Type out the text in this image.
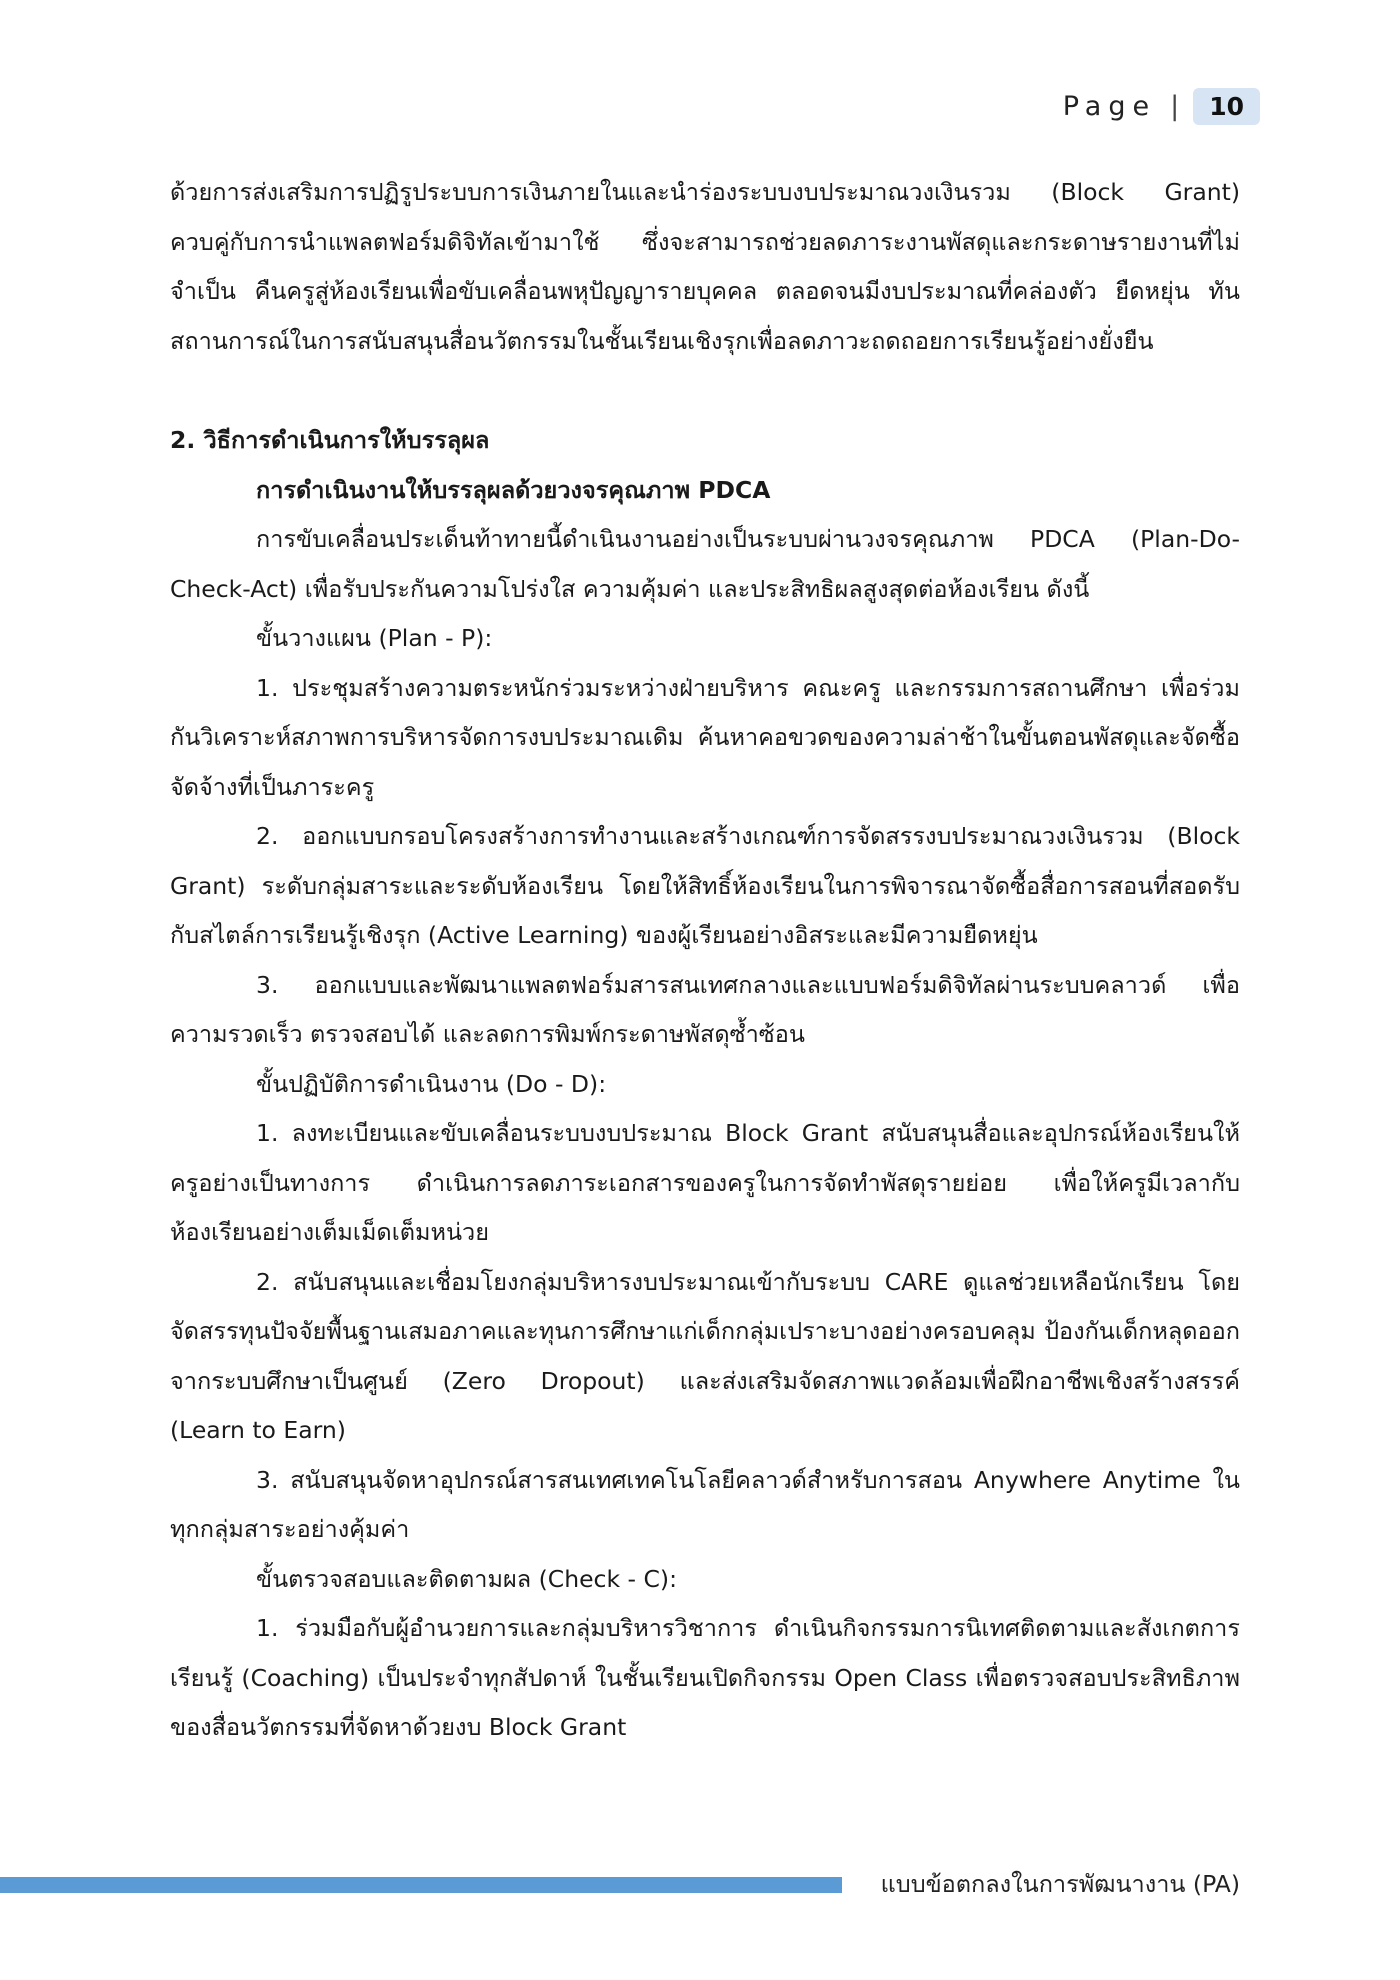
Page |	10

ด้วยการส่งเสริมการปฏิรูประบบการเงินภายในและนำร่องระบบงบประมาณวงเงินรวม (Block Grant) ควบคู่กับการนำแพลตฟอร์มดิจิทัลเข้ามาใช้ ซึ่งจะสามารถช่วยลดภาระงานพัสดุและกระดาษรายงานที่ไม่จำเป็น คืนครูสู่ห้องเรียนเพื่อขับเคลื่อนพหุปัญญารายบุคคล ตลอดจนมีงบประมาณที่คล่องตัว ยืดหยุ่น ทันสถานการณ์ในการสนับสนุนสื่อนวัตกรรมในชั้นเรียนเชิงรุกเพื่อลดภาวะถดถอยการเรียนรู้อย่างยั่งยืน

2. วิธีการดำเนินการให้บรรลุผล

การดำเนินงานให้บรรลุผลด้วยวงจรคุณภาพ PDCA

การขับเคลื่อนประเด็นท้าทายนี้ดำเนินงานอย่างเป็นระบบผ่านวงจรคุณภาพ PDCA (Plan-Do-Check-Act) เพื่อรับประกันความโปร่งใส ความคุ้มค่า และประสิทธิผลสูงสุดต่อห้องเรียน ดังนี้

ขั้นวางแผน (Plan - P):

1. ประชุมสร้างความตระหนักร่วมระหว่างฝ่ายบริหาร คณะครู และกรรมการสถานศึกษา เพื่อร่วมกันวิเคราะห์สภาพการบริหารจัดการงบประมาณเดิม ค้นหาคอขวดของความล่าช้าในขั้นตอนพัสดุและจัดซื้อจัดจ้างที่เป็นภาระครู

2. ออกแบบกรอบโครงสร้างการทำงานและสร้างเกณฑ์การจัดสรรงบประมาณวงเงินรวม (Block Grant) ระดับกลุ่มสาระและระดับห้องเรียน โดยให้สิทธิ์ห้องเรียนในการพิจารณาจัดซื้อสื่อการสอนที่สอดรับกับสไตล์การเรียนรู้เชิงรุก (Active Learning) ของผู้เรียนอย่างอิสระและมีความยืดหยุ่น

3. ออกแบบและพัฒนาแพลตฟอร์มสารสนเทศกลางและแบบฟอร์มดิจิทัลผ่านระบบคลาวด์ เพื่อความรวดเร็ว ตรวจสอบได้ และลดการพิมพ์กระดาษพัสดุซ้ำซ้อน

ขั้นปฏิบัติการดำเนินงาน (Do - D):

1. ลงทะเบียนและขับเคลื่อนระบบงบประมาณ Block Grant สนับสนุนสื่อและอุปกรณ์ห้องเรียนให้ครูอย่างเป็นทางการ ดำเนินการลดภาระเอกสารของครูในการจัดทำพัสดุรายย่อย เพื่อให้ครูมีเวลากับห้องเรียนอย่างเต็มเม็ดเต็มหน่วย

2. สนับสนุนและเชื่อมโยงกลุ่มบริหารงบประมาณเข้ากับระบบ CARE ดูแลช่วยเหลือนักเรียน โดยจัดสรรทุนปัจจัยพื้นฐานเสมอภาคและทุนการศึกษาแก่เด็กกลุ่มเปราะบางอย่างครอบคลุม ป้องกันเด็กหลุดออกจากระบบศึกษาเป็นศูนย์ (Zero Dropout) และส่งเสริมจัดสภาพแวดล้อมเพื่อฝึกอาชีพเชิงสร้างสรรค์ (Learn to Earn)

3. สนับสนุนจัดหาอุปกรณ์สารสนเทศเทคโนโลยีคลาวด์สำหรับการสอน Anywhere Anytime ในทุกกลุ่มสาระอย่างคุ้มค่า

ขั้นตรวจสอบและติดตามผล (Check - C):

1. ร่วมมือกับผู้อำนวยการและกลุ่มบริหารวิชาการ ดำเนินกิจกรรมการนิเทศติดตามและสังเกตการเรียนรู้ (Coaching) เป็นประจำทุกสัปดาห์ ในชั้นเรียนเปิดกิจกรรม Open Class เพื่อตรวจสอบประสิทธิภาพของสื่อนวัตกรรมที่จัดหาด้วยงบ Block Grant

แบบข้อตกลงในการพัฒนางาน (PA)
